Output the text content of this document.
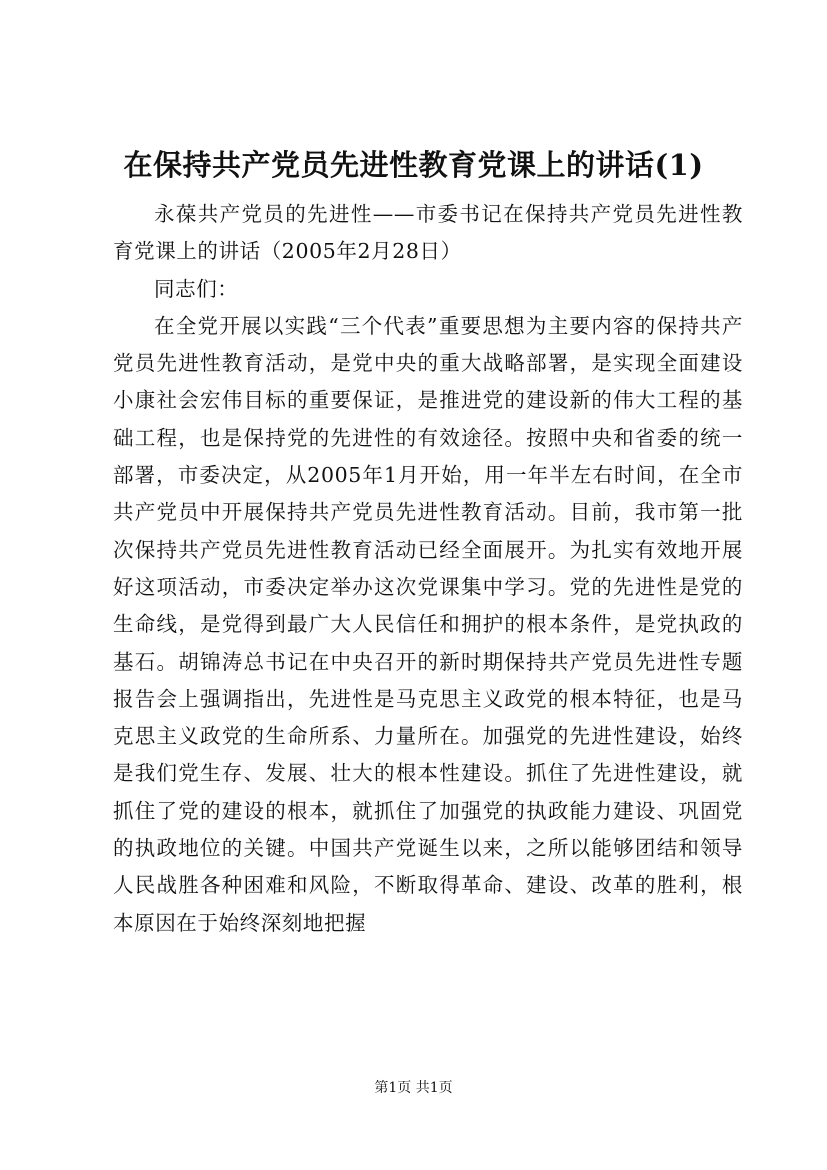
在保持共产党员先进性教育党课上的讲话(1)

永葆共产党员的先进性——市委书记在保持共产党员先进性教育党课上的讲话（2005年2月28日）

同志们：

在全党开展以实践“三个代表”重要思想为主要内容的保持共产党员先进性教育活动，是党中央的重大战略部署，是实现全面建设小康社会宏伟目标的重要保证，是推进党的建设新的伟大工程的基础工程，也是保持党的先进性的有效途径。按照中央和省委的统一部署，市委决定，从2005年1月开始，用一年半左右时间，在全市共产党员中开展保持共产党员先进性教育活动。目前，我市第一批次保持共产党员先进性教育活动已经全面展开。为扎实有效地开展好这项活动，市委决定举办这次党课集中学习。党的先进性是党的生命线，是党得到最广大人民信任和拥护的根本条件，是党执政的基石。胡锦涛总书记在中央召开的新时期保持共产党员先进性专题报告会上强调指出，先进性是马克思主义政党的根本特征，也是马克思主义政党的生命所系、力量所在。加强党的先进性建设，始终是我们党生存、发展、壮大的根本性建设。抓住了先进性建设，就抓住了党的建设的根本，就抓住了加强党的执政能力建设、巩固党的执政地位的关键。中国共产党诞生以来，之所以能够团结和领导人民战胜各种困难和风险，不断取得革命、建设、改革的胜利，根本原因在于始终深刻地把握

第1页 共1页
